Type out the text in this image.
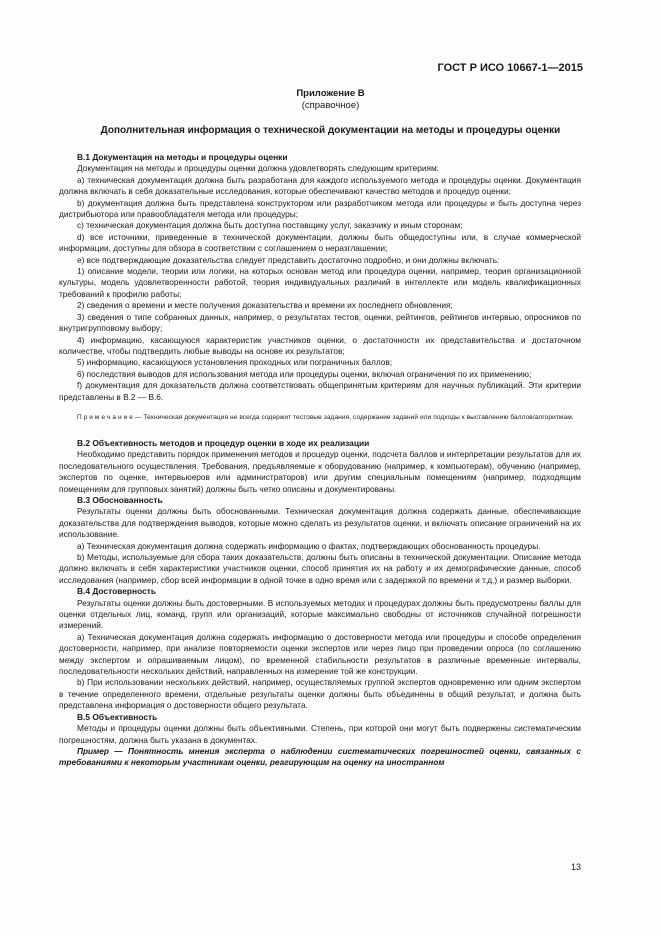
ГОСТ Р ИСО 10667-1—2015
Приложение В
(справочное)
Дополнительная информация о технической документации на методы и процедуры оценки
В.1 Документация на методы и процедуры оценки

Документация на методы и процедуры оценки должна удовлетворять следующим критериям:

a) техническая документация должна быть разработана для каждого используемого метода и процедуры оценки. Документация должна включать в себя доказательные исследования, которые обеспечивают качество методов и процедур оценки;

b) документация должна быть представлена конструктором или разработчиком метода или процедуры и быть доступна через дистрибьютора или правообладателя метода или процедуры;

c) техническая документация должна быть доступна поставщику услуг, заказчику и иным сторонам;

d) все источники, приведенные в технической документации, должны быть общедоступны или, в случае коммерческой информации, доступны для обзора в соответствии с соглашением о неразглашении;

e) все подтверждающие доказательства следует представить достаточно подробно, и они должны включать:

1) описание модели, теории или логики, на которых основан метод или процедура оценки, например, теория организационной культуры, модель удовлетворенности работой, теория индивидуальных различий в интеллекте или модель квалификационных требований к профилю работы;

2) сведения о времени и месте получения доказательства и времени их последнего обновления;

3) сведения о типе собранных данных, например, о результатах тестов, оценки, рейтингов, рейтингов интервью, опросников по внутригрупповому выбору;

4) информацию, касающуюся характеристик участников оценки, о достаточности их представительства и достаточном количестве, чтобы подтвердить любые выводы на основе их результатов;

5) информацию, касающуюся установления проходных или пограничных баллов;

6) последствия выводов для использования метода или процедуры оценки, включая ограничения по их применению;

f) документация для доказательств должна соответствовать общепринятым критериям для научных публикаций. Эти критерии представлены в В.2 — В.6.

П р и м е ч а н и е — Техническая документация не всегда содержит тестовые задания, содержание заданий или подходы к выставлению баллов/алгоритмам.

В.2 Объективность методов и процедур оценки в ходе их реализации

Необходимо представить порядок применения методов и процедур оценки, подсчета баллов и интерпретации результатов для их последовательного осуществления. Требования, предъявляемые к оборудованию (например, к компьютерам), обучению (например, экспертов по оценке, интервьюеров или администраторов) или другим специальным помещениям (например, подходящим помещениям для групповых занятий) должны быть четко описаны и документированы.

В.3 Обоснованность

Результаты оценки должны быть обоснованными. Техническая документация должна содержать данные, обеспечивающие доказательства для подтверждения выводов, которые можно сделать из результатов оценки, и включать описание ограничений на их использование.

a) Техническая документация должна содержать информацию о фактах, подтверждающих обоснованность процедуры.

b) Методы, используемые для сбора таких доказательств, должны быть описаны в технической документации. Описание метода должно включать в себя характеристики участников оценки, способ принятия их на работу и их демографические данные, способ исследования (например, сбор всей информации в одной точке в одно время или с задержкой по времени и т.д.) и размер выборки.

В.4 Достоверность

Результаты оценки должны быть достоверными. В используемых методах и процедурах должны быть предусмотрены баллы для оценки отдельных лиц, команд, групп или организаций, которые максимально свободны от источников случайной погрешности измерений.

a) Техническая документация должна содержать информацию о достоверности метода или процедуры и способе определения достоверности, например, при анализе повторяемости оценки экспертов или через лицо при проведении опроса (по соглашению между экспертом и опрашиваемым лицом), по временной стабильности результатов в различные временные интервалы, последовательности нескольких действий, направленных на измерение той же конструкции.

b) При использовании нескольких действий, например, осуществляемых группой экспертов одновременно или одним экспертом в течение определенного времени, отдельные результаты оценки должны быть объединены в общий результат, и должна быть представлена информация о достоверности общего результата.

В.5 Объективность

Методы и процедуры оценки должны быть объективными. Степень, при которой они могут быть подвержены систематическим погрешностям, должна быть указана в документах.

Пример — Понятность мнения эксперта о наблюдении систематических погрешностей оценки, связанных с требованиями к некоторым участникам оценки, реагирующим на оценку на иностранном

13
